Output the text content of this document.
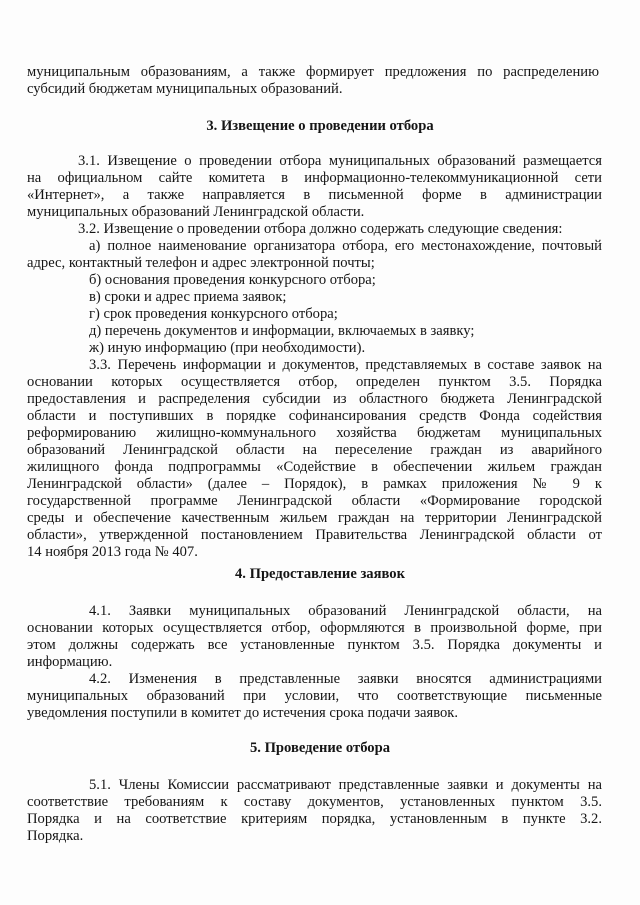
муниципальным образованиям, а также формирует предложения по распределению
субсидий бюджетам муниципальных образований.
3. Извещение о проведении отбора
3.1. Извещение о проведении отбора муниципальных образований размещается
на официальном сайте комитета в информационно-телекоммуникационной сети
«Интернет», а также направляется в письменной форме в администрации
муниципальных образований Ленинградской области.
3.2. Извещение о проведении отбора должно содержать следующие сведения:
а) полное наименование организатора отбора, его местонахождение, почтовый
адрес, контактный телефон и адрес электронной почты;
б) основания проведения конкурсного отбора;
в) сроки и адрес приема заявок;
г) срок проведения конкурсного отбора;
д) перечень документов и информации, включаемых в заявку;
ж) иную информацию (при необходимости).
3.3. Перечень информации и документов, представляемых в составе заявок на
основании которых осуществляется отбор, определен пунктом 3.5. Порядка
предоставления и распределения субсидии из областного бюджета Ленинградской
области и поступивших в порядке софинансирования средств Фонда содействия
реформированию жилищно-коммунального хозяйства бюджетам муниципальных
образований Ленинградской области на переселение граждан из аварийного
жилищного фонда подпрограммы «Содействие в обеспечении жильем граждан
Ленинградской области» (далее – Порядок), в рамках приложения № 9 к
государственной программе Ленинградской области «Формирование городской
среды и обеспечение качественным жильем граждан на территории Ленинградской
области», утвержденной постановлением Правительства Ленинградской области от
14 ноября 2013 года № 407.
4. Предоставление заявок
4.1. Заявки муниципальных образований Ленинградской области, на
основании которых осуществляется отбор, оформляются в произвольной форме, при
этом должны содержать все установленные пунктом 3.5. Порядка документы и
информацию.
4.2. Изменения в представленные заявки вносятся администрациями
муниципальных образований при условии, что соответствующие письменные
уведомления поступили в комитет до истечения срока подачи заявок.
5. Проведение отбора
5.1. Члены Комиссии рассматривают представленные заявки и документы на
соответствие требованиям к составу документов, установленных пунктом 3.5.
Порядка и на соответствие критериям порядка, установленным в пункте 3.2.
Порядка.
